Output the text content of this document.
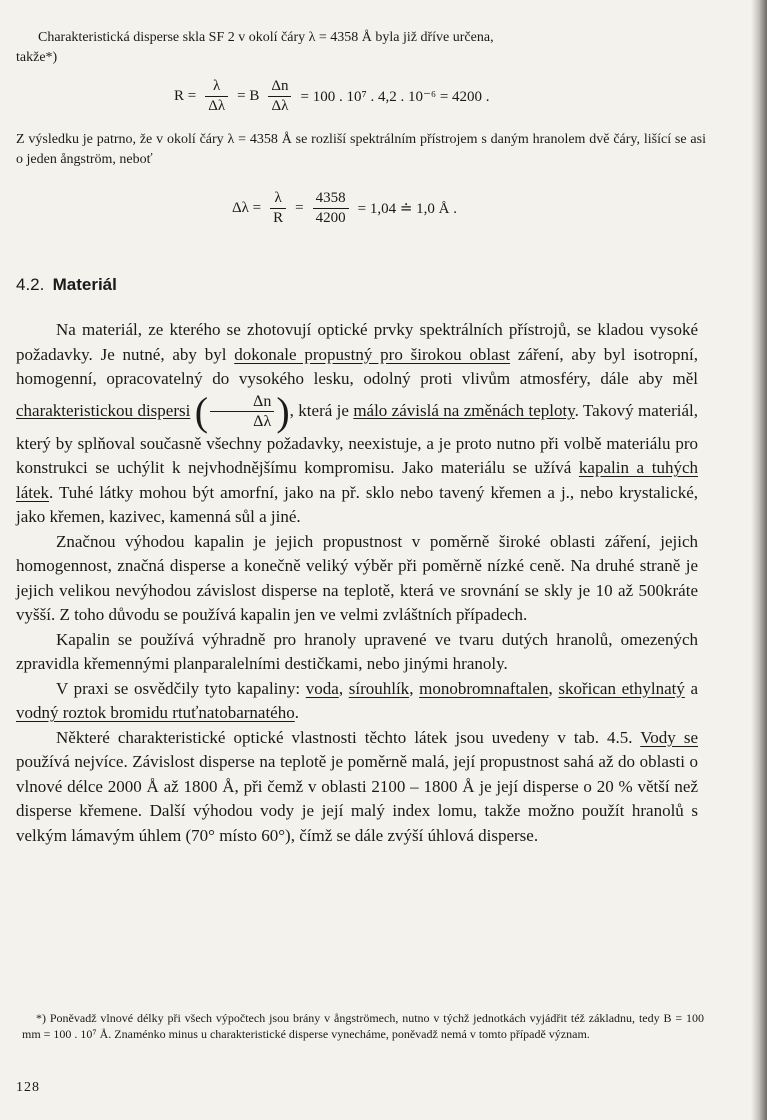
Charakteristická disperse skla SF 2 v okolí čáry λ = 4358 Å byla již dříve určena,

takže*)

$R = \frac{\lambda}{\Delta\lambda} = B \frac{\Delta n}{\Delta\lambda} = 100$ . 10⁷ . 4,2 . 10⁻⁶ = 4200 .
Z výsledku je patrno, že v okolí čáry λ = 4358 Å se rozliší spektrálním přístrojem s daným hranolem dvě čáry, lišící se asi o jeden ångström, neboť
$\Delta\lambda = \frac{\lambda}{R} = \frac{4358}{4200} = 1,04$ ≐ 1,0 Å .
4.2. Materiál

Na materiál, ze kterého se zhotovují optické prvky spektrálních přístrojů, se kladou vysoké požadavky. Je nutné, aby byl dokonale propustný pro širokou oblast záření, aby byl isotropní, homogenní, opracovatelný do vysokého lesku, odolný proti vlivům atmosféry, dále aby měl charakteristickou dispersi ( $\frac{\Delta n}{\Delta\lambda}$ ), která je málo závislá na změnách teploty. Takový materiál, který by splňoval současně všechny požadavky, neexistuje, a je proto nutno při volbě materiálu pro konstrukci se uchýlit k nejvhodnějšímu kompromisu. Jako materiálu se užívá kapalin a tuhých látek. Tuhé látky mohou být amorfní, jako na př. sklo nebo tavený křemen a j., nebo krystalické, jako křemen, kazivec, kamenná sůl a jiné.

Značnou výhodou kapalin je jejich propustnost v poměrně široké oblasti záření, jejich homogennost, značná disperse a konečně veliký výběr při poměrně nízké ceně. Na druhé straně je jejich velikou nevýhodou závislost disperse na teplotě, která ve srovnání se skly je 10 až 500kráte vyšší. Z toho důvodu se používá kapalin jen ve velmi zvláštních případech.

Kapalin se používá výhradně pro hranoly upravené ve tvaru dutých hranolů, omezených zpravidla křemennými planparalelními destičkami, nebo jinými hranoly.

V praxi se osvědčily tyto kapaliny: voda, sírouhlík, monobromnaftalen, skořican ethylnatý a vodný roztok bromidu rtuťnatobarnatého.

Některé charakteristické optické vlastnosti těchto látek jsou uvedeny v tab. 4.5. Vody se používá nejvíce. Závislost disperse na teplotě je poměrně malá, její propustnost sahá až do oblasti o vlnové délce 2000 Å až 1800 Å, při čemž v oblasti 2100 – 1800 Å je její disperse o 20 % větší než disperse křemene. Další výhodou vody je její malý index lomu, takže možno použít hranolů s velkým lámavým úhlem (70° místo 60°), čímž se dále zvýší úhlová disperse.

*) Poněvadž vlnové délky při všech výpočtech jsou brány v ångströmech, nutno v týchž jednotkách vyjádřit též základnu, tedy B = 100 mm = 100 . 10⁷ Å. Znaménko minus u charakteristické disperse vynecháme, poněvadž nemá v tomto případě význam.

128
